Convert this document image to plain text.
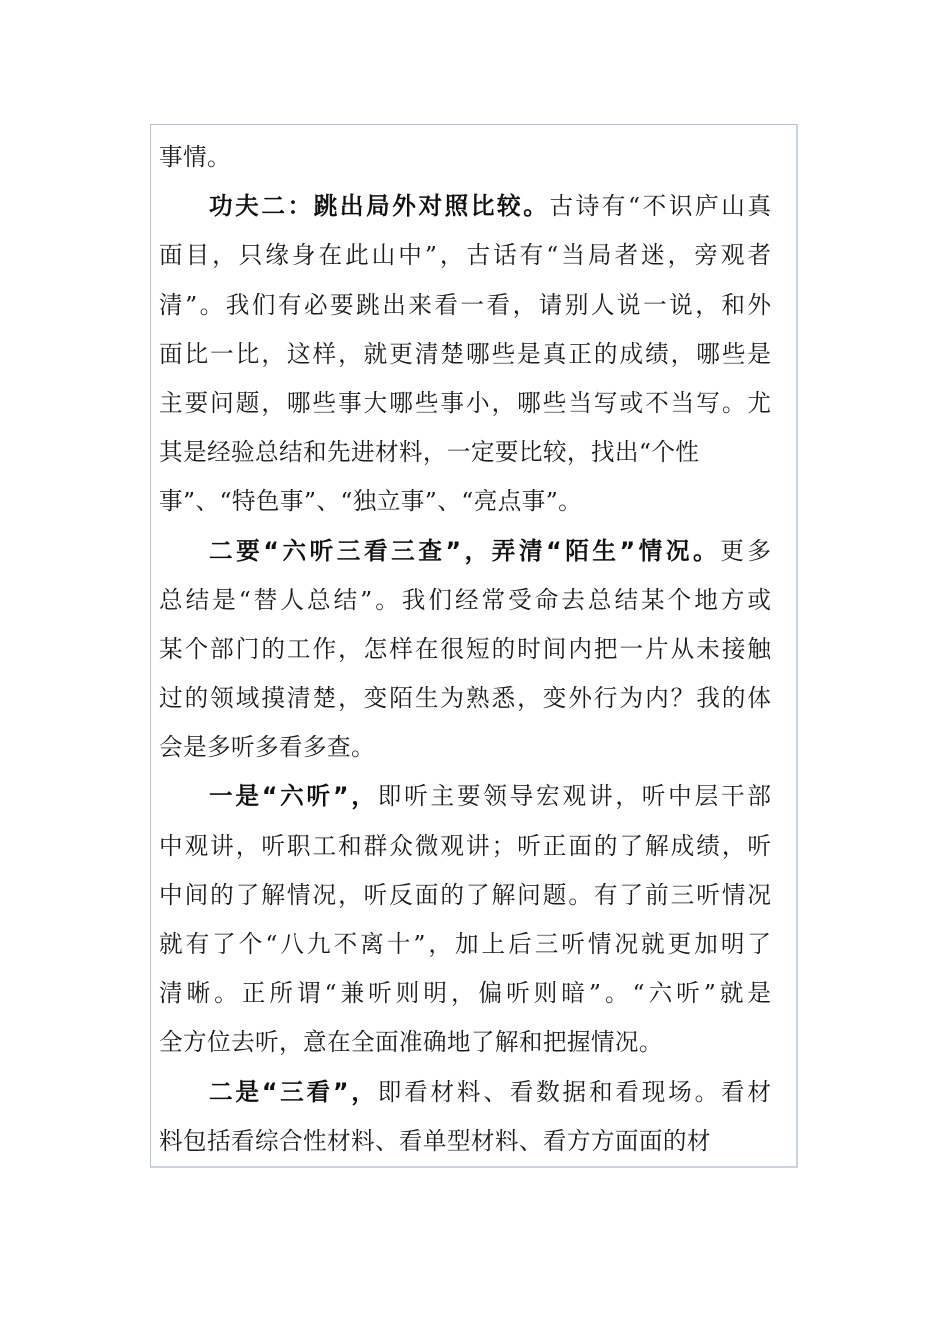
事情。
功夫二：跳出局外对照比较。古诗有“不识庐山真
面目，只缘身在此山中”，古话有“当局者迷，旁观者
清”。我们有必要跳出来看一看，请别人说一说，和外
面比一比，这样，就更清楚哪些是真正的成绩，哪些是
主要问题，哪些事大哪些事小，哪些当写或不当写。尤
其是经验总结和先进材料，一定要比较，找出“个性
事”、“特色事”、“独立事”、“亮点事”。
二要“六听三看三查”，弄清“陌生”情况。更多
总结是“替人总结”。我们经常受命去总结某个地方或
某个部门的工作，怎样在很短的时间内把一片从未接触
过的领域摸清楚，变陌生为熟悉，变外行为内？我的体
会是多听多看多查。
一是“六听”，即听主要领导宏观讲，听中层干部
中观讲，听职工和群众微观讲；听正面的了解成绩，听
中间的了解情况，听反面的了解问题。有了前三听情况
就有了个“八九不离十”，加上后三听情况就更加明了
清晰。正所谓“兼听则明，偏听则暗”。“六听”就是
全方位去听，意在全面准确地了解和把握情况。
二是“三看”，即看材料、看数据和看现场。看材
料包括看综合性材料、看单型材料、看方方面面的材
